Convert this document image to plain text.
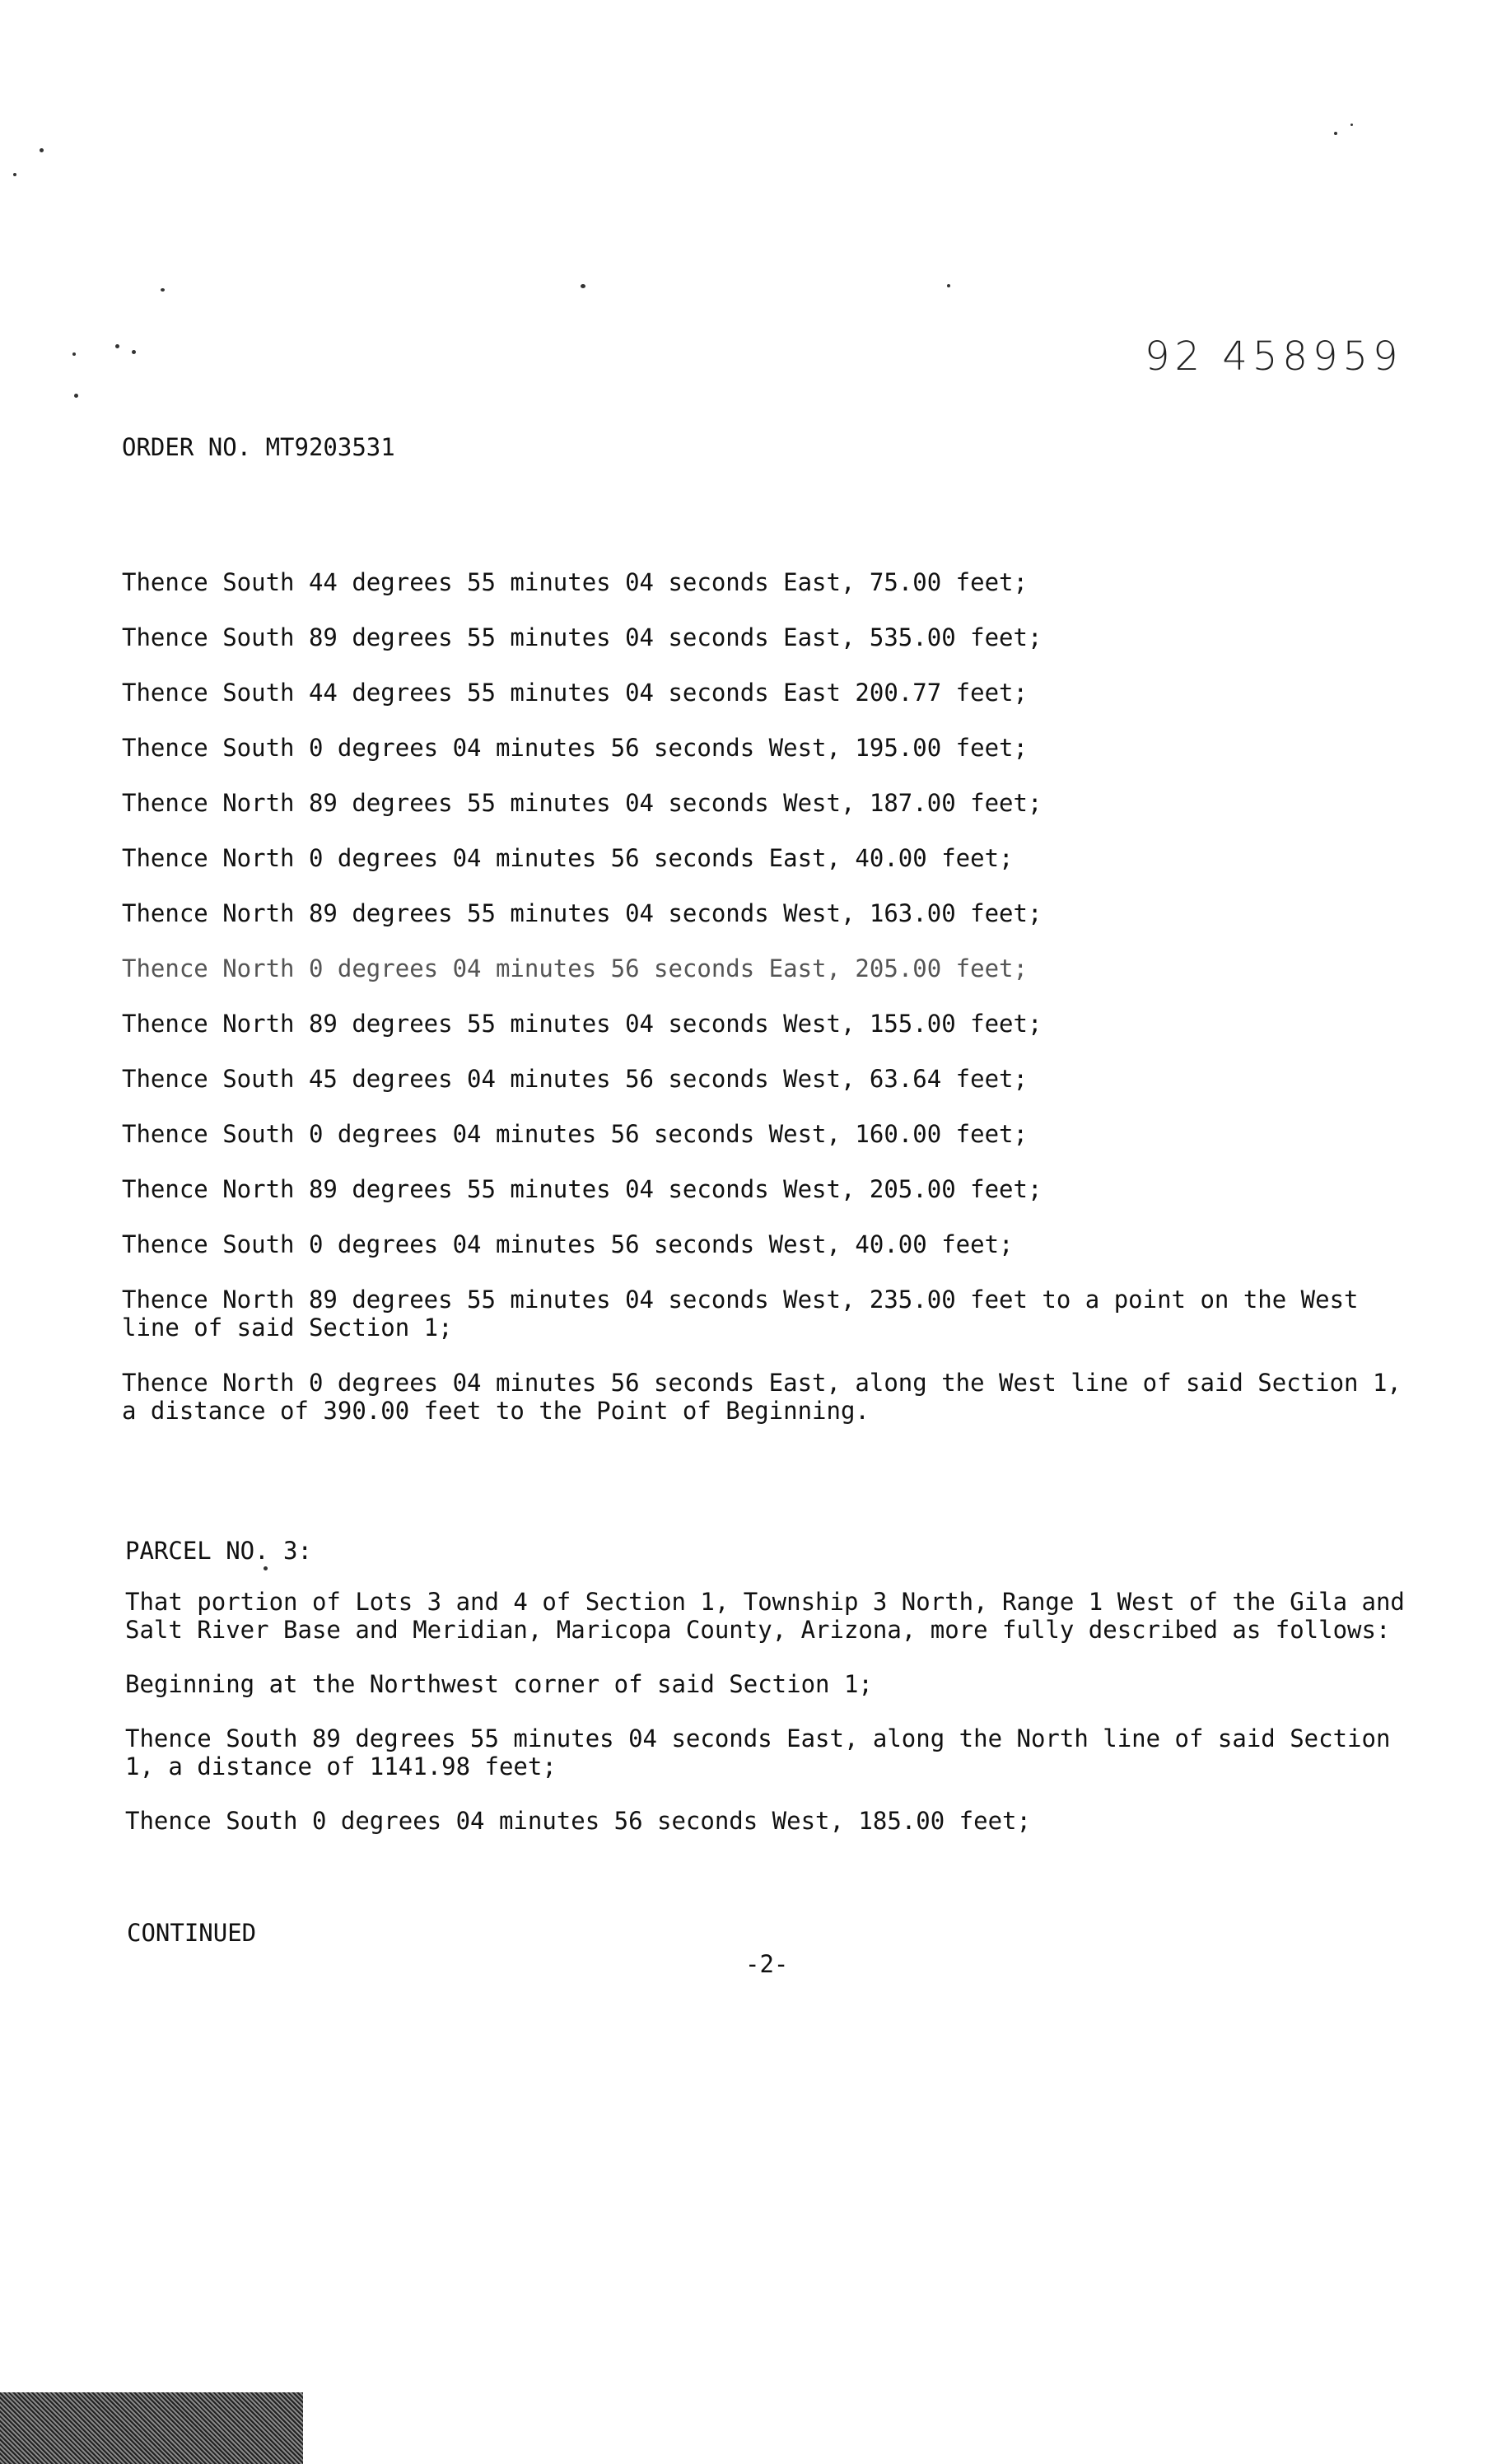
92 458959
ORDER NO. MT9203531

Thence South 44 degrees 55 minutes 04 seconds East, 75.00 feet;

Thence South 89 degrees 55 minutes 04 seconds East, 535.00 feet;

Thence South 44 degrees 55 minutes 04 seconds East 200.77 feet;

Thence South 0 degrees 04 minutes 56 seconds West, 195.00 feet;

Thence North 89 degrees 55 minutes 04 seconds West, 187.00 feet;

Thence North 0 degrees 04 minutes 56 seconds East, 40.00 feet;

Thence North 89 degrees 55 minutes 04 seconds West, 163.00 feet;

Thence North 0 degrees 04 minutes 56 seconds East, 205.00 feet;

Thence North 89 degrees 55 minutes 04 seconds West, 155.00 feet;

Thence South 45 degrees 04 minutes 56 seconds West, 63.64 feet;

Thence South 0 degrees 04 minutes 56 seconds West, 160.00 feet;

Thence North 89 degrees 55 minutes 04 seconds West, 205.00 feet;

Thence South 0 degrees 04 minutes 56 seconds West, 40.00 feet;

Thence North 89 degrees 55 minutes 04 seconds West, 235.00 feet to a point on the West line of said Section 1;

Thence North 0 degrees 04 minutes 56 seconds East, along the West line of said Section 1, a distance of 390.00 feet to the Point of Beginning.

PARCEL NO. 3:

That portion of Lots 3 and 4 of Section 1, Township 3 North, Range 1 West of the Gila and Salt River Base and Meridian, Maricopa County, Arizona, more fully described as follows:

Beginning at the Northwest corner of said Section 1;

Thence South 89 degrees 55 minutes 04 seconds East, along the North line of said Section 1, a distance of 1141.98 feet;

Thence South 0 degrees 04 minutes 56 seconds West, 185.00 feet;

CONTINUED
-2-
